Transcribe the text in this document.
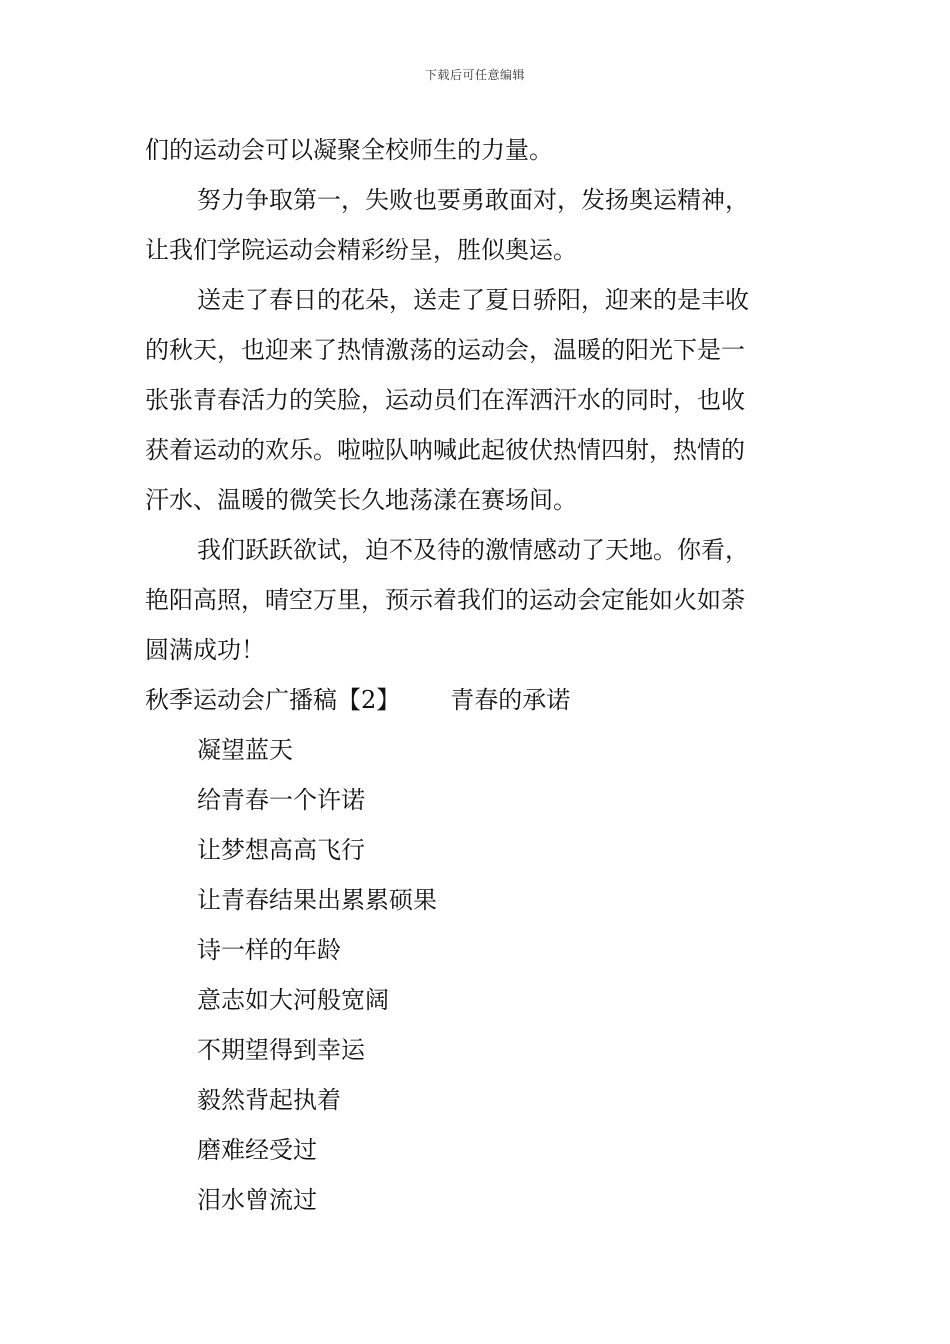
下载后可任意编辑
们的运动会可以凝聚全校师生的力量。
努力争取第一，失败也要勇敢面对，发扬奥运精神，
让我们学院运动会精彩纷呈，胜似奥运。
送走了春日的花朵，送走了夏日骄阳，迎来的是丰收
的秋天，也迎来了热情激荡的运动会，温暖的阳光下是一
张张青春活力的笑脸，运动员们在浑洒汗水的同时，也收
获着运动的欢乐。啦啦队呐喊此起彼伏热情四射，热情的
汗水、温暖的微笑长久地荡漾在赛场间。
我们跃跃欲试，迫不及待的激情感动了天地。你看，
艳阳高照，晴空万里，预示着我们的运动会定能如火如荼
圆满成功！
秋季运动会广播稿【2】 青春的承诺
凝望蓝天
给青春一个许诺
让梦想高高飞行
让青春结果出累累硕果
诗一样的年龄
意志如大河般宽阔
不期望得到幸运
毅然背起执着
磨难经受过
泪水曾流过
